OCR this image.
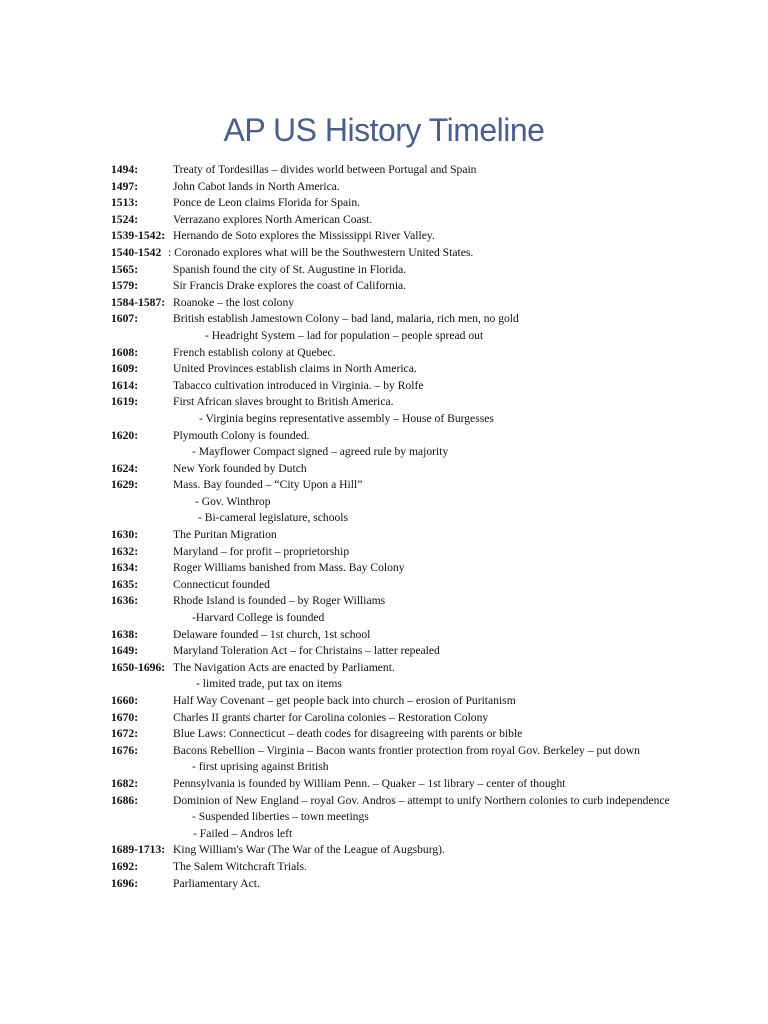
AP US History Timeline
1494:	Treaty of Tordesillas – divides world between Portugal and Spain
1497:	John Cabot lands in North America.
1513:	Ponce de Leon claims Florida for Spain.
1524:	Verrazano explores North American Coast.
1539-1542: Hernando de Soto explores the Mississippi River Valley.
1540-1542 : Coronado explores what will be the Southwestern United States.
1565:	Spanish found the city of St. Augustine in Florida.
1579:	Sir Francis Drake explores the coast of California.
1584-1587: Roanoke – the lost colony
1607:	British establish Jamestown Colony – bad land, malaria, rich men, no gold
- Headright System – lad for population – people spread out
1608:	French establish colony at Quebec.
1609:	United Provinces establish claims in North America.
1614:	Tabacco cultivation introduced in Virginia. – by Rolfe
1619:	First African slaves brought to British America.
- Virginia begins representative assembly – House of Burgesses
1620:	Plymouth Colony is founded.
- Mayflower Compact signed – agreed rule by majority
1624:	New York founded by Dutch
1629:	Mass. Bay founded – “City Upon a Hill”
- Gov. Winthrop
- Bi-cameral legislature, schools
1630:	The Puritan Migration
1632:	Maryland – for profit – proprietorship
1634:	Roger Williams banished from Mass. Bay Colony
1635:	Connecticut founded
1636:	Rhode Island is founded – by Roger Williams
-Harvard College is founded
1638:	Delaware founded – 1st church, 1st school
1649:	Maryland Toleration Act – for Christains – latter repealed
1650-1696: The Navigation Acts are enacted by Parliament.
- limited trade, put tax on items
1660:	Half Way Covenant – get people back into church – erosion of Puritanism
1670:	Charles II grants charter for Carolina colonies – Restoration Colony
1672:	Blue Laws: Connecticut – death codes for disagreeing with parents or bible
1676:	Bacons Rebellion – Virginia – Bacon wants frontier protection from royal Gov. Berkeley – put down
- first uprising against British
1682:	Pennsylvania is founded by William Penn. – Quaker – 1st library – center of thought
1686:	Dominion of New England – royal Gov. Andros – attempt to unify Northern colonies to curb independence
- Suspended liberties – town meetings
- Failed – Andros left
1689-1713: King William's War (The War of the League of Augsburg).
1692:	The Salem Witchcraft Trials.
1696:	Parliamentary Act.
